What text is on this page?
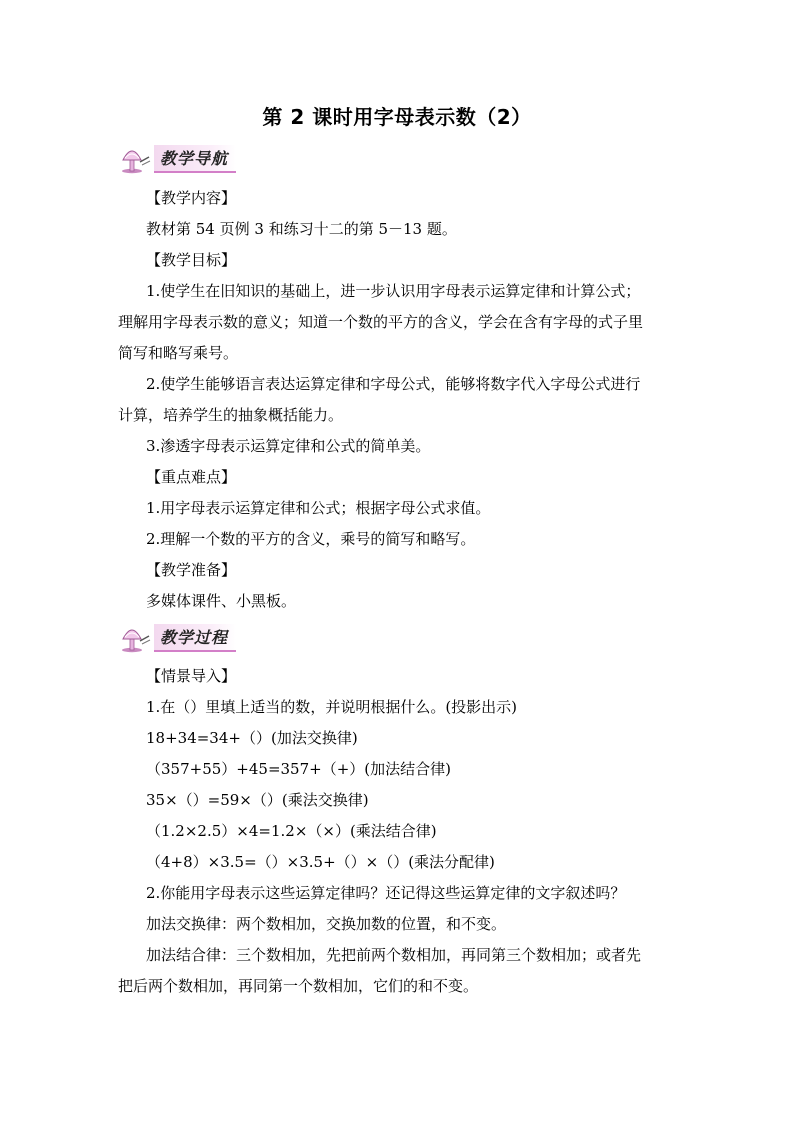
第 2 课时用字母表示数（2）
教学导航
【教学内容】
教材第 54 页例 3 和练习十二的第 5－13 题。
【教学目标】
1.使学生在旧知识的基础上，进一步认识用字母表示运算定律和计算公式；
理解用字母表示数的意义；知道一个数的平方的含义，学会在含有字母的式子里
简写和略写乘号。
2.使学生能够语言表达运算定律和字母公式，能够将数字代入字母公式进行
计算，培养学生的抽象概括能力。
3.渗透字母表示运算定律和公式的简单美。
【重点难点】
1.用字母表示运算定律和公式；根据字母公式求值。
2.理解一个数的平方的含义，乘号的简写和略写。
【教学准备】
多媒体课件、小黑板。
教学过程
【情景导入】
1.在（）里填上适当的数，并说明根据什么。(投影出示)
18+34=34+（）(加法交换律)
（357+55）+45=357+（+）(加法结合律)
35×（）=59×（）(乘法交换律)
（1.2×2.5）×4=1.2×（×）(乘法结合律)
（4+8）×3.5=（）×3.5+（）×（）(乘法分配律)
2.你能用字母表示这些运算定律吗？还记得这些运算定律的文字叙述吗？
加法交换律：两个数相加，交换加数的位置，和不变。
加法结合律：三个数相加，先把前两个数相加，再同第三个数相加；或者先
把后两个数相加，再同第一个数相加，它们的和不变。
